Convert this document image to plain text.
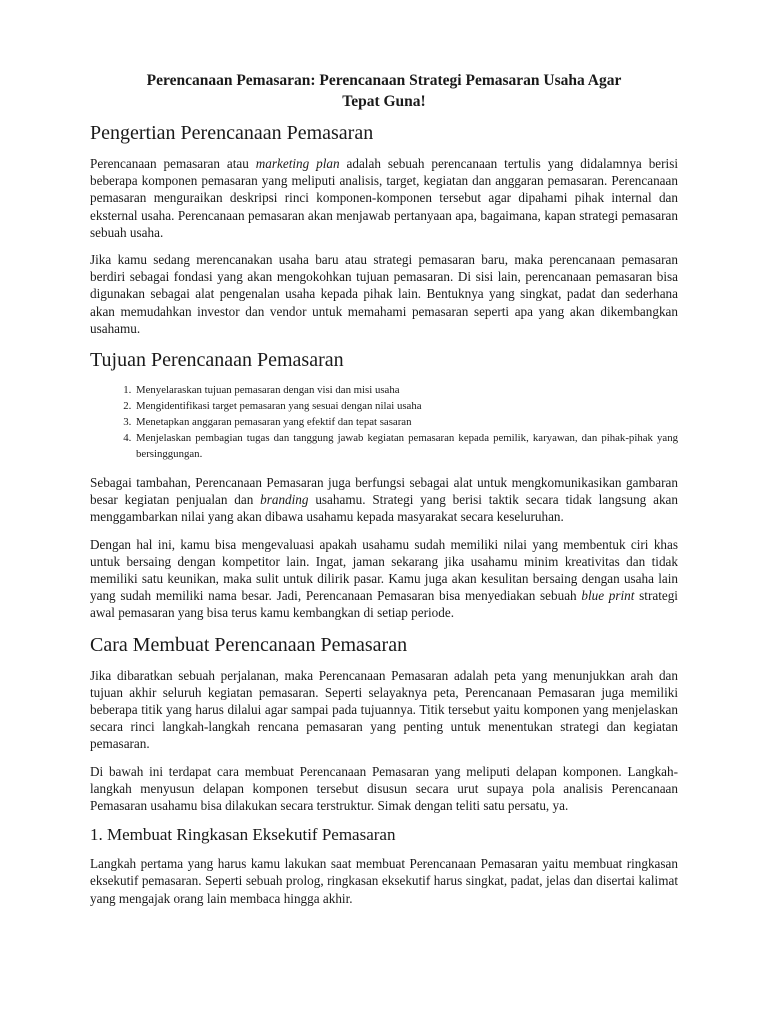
Perencanaan Pemasaran: Perencanaan Strategi Pemasaran Usaha Agar
Tepat Guna!
Pengertian Perencanaan Pemasaran

Perencanaan pemasaran atau marketing plan adalah sebuah perencanaan tertulis yang didalamnya berisi beberapa komponen pemasaran yang meliputi analisis, target, kegiatan dan anggaran pemasaran. Perencanaan pemasaran menguraikan deskripsi rinci komponen-komponen tersebut agar dipahami pihak internal dan eksternal usaha. Perencanaan pemasaran akan menjawab pertanyaan apa, bagaimana, kapan strategi pemasaran sebuah usaha.

Jika kamu sedang merencanakan usaha baru atau strategi pemasaran baru, maka perencanaan pemasaran berdiri sebagai fondasi yang akan mengokohkan tujuan pemasaran. Di sisi lain, perencanaan pemasaran bisa digunakan sebagai alat pengenalan usaha kepada pihak lain. Bentuknya yang singkat, padat dan sederhana akan memudahkan investor dan vendor untuk memahami pemasaran seperti apa yang akan dikembangkan usahamu.

Tujuan Perencanaan Pemasaran
1. Menyelaraskan tujuan pemasaran dengan visi dan misi usaha
2. Mengidentifikasi target pemasaran yang sesuai dengan nilai usaha
3. Menetapkan anggaran pemasaran yang efektif dan tepat sasaran
4. Menjelaskan pembagian tugas dan tanggung jawab kegiatan pemasaran kepada pemilik, karyawan, dan pihak-pihak yang bersinggungan.

Sebagai tambahan, Perencanaan Pemasaran juga berfungsi sebagai alat untuk mengkomunikasikan gambaran besar kegiatan penjualan dan branding usahamu. Strategi yang berisi taktik secara tidak langsung akan menggambarkan nilai yang akan dibawa usahamu kepada masyarakat secara keseluruhan.

Dengan hal ini, kamu bisa mengevaluasi apakah usahamu sudah memiliki nilai yang membentuk ciri khas untuk bersaing dengan kompetitor lain. Ingat, jaman sekarang jika usahamu minim kreativitas dan tidak memiliki satu keunikan, maka sulit untuk dilirik pasar. Kamu juga akan kesulitan bersaing dengan usaha lain yang sudah memiliki nama besar. Jadi, Perencanaan Pemasaran bisa menyediakan sebuah blue print strategi awal pemasaran yang bisa terus kamu kembangkan di setiap periode.

Cara Membuat Perencanaan Pemasaran

Jika dibaratkan sebuah perjalanan, maka Perencanaan Pemasaran adalah peta yang menunjukkan arah dan tujuan akhir seluruh kegiatan pemasaran. Seperti selayaknya peta, Perencanaan Pemasaran juga memiliki beberapa titik yang harus dilalui agar sampai pada tujuannya. Titik tersebut yaitu komponen yang menjelaskan secara rinci langkah-langkah rencana pemasaran yang penting untuk menentukan strategi dan kegiatan pemasaran.

Di bawah ini terdapat cara membuat Perencanaan Pemasaran yang meliputi delapan komponen. Langkah-langkah menyusun delapan komponen tersebut disusun secara urut supaya pola analisis Perencanaan Pemasaran usahamu bisa dilakukan secara terstruktur. Simak dengan teliti satu persatu, ya.

1. Membuat Ringkasan Eksekutif Pemasaran

Langkah pertama yang harus kamu lakukan saat membuat Perencanaan Pemasaran yaitu membuat ringkasan eksekutif pemasaran. Seperti sebuah prolog, ringkasan eksekutif harus singkat, padat, jelas dan disertai kalimat yang mengajak orang lain membaca hingga akhir.
